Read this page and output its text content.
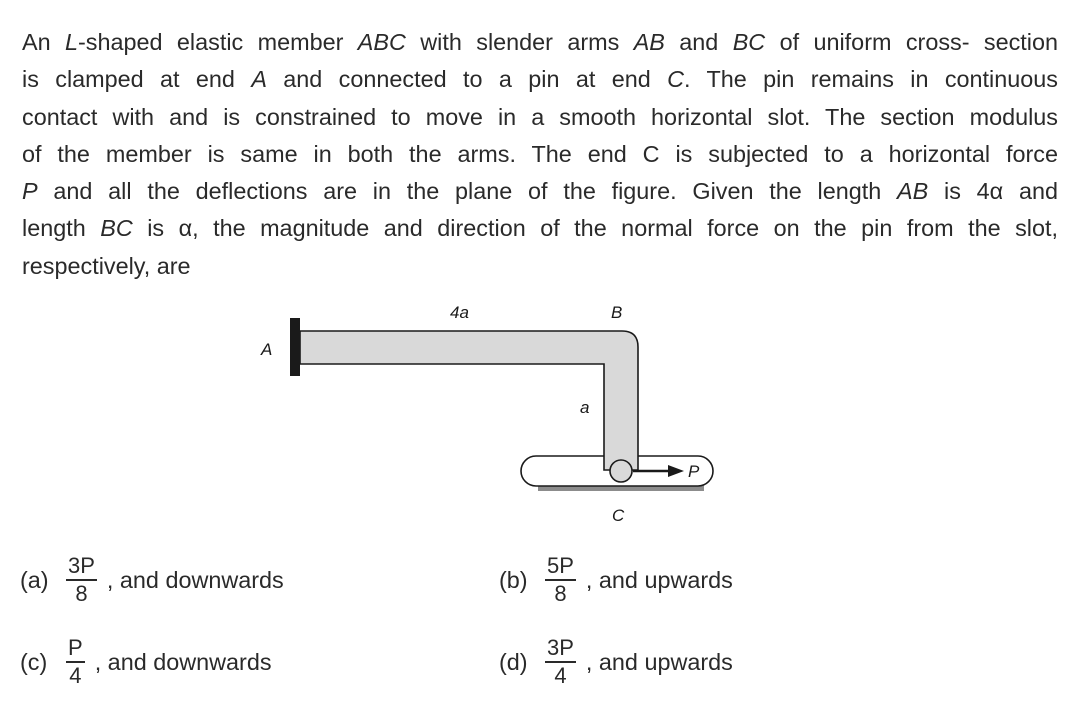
An L-shaped elastic member ABC with slender arms AB and BC of uniform cross- section
is clamped at end A and connected to a pin at end C. The pin remains in continuous
contact with and is constrained to move in a smooth horizontal slot. The section modulus
of the member is same in both the arms. The end C is subjected to a horizontal force
P and all the deflections are in the plane of the figure. Given the length AB is 4α and
length BC is α, the magnitude and direction of the normal force on the pin from the slot,
respectively, are
4a	B
A
a
P
C
$(a) \frac{3P}{8}$ , and downwards	$(b) \frac{5P}{8}$ , and upwards
$(c) \frac{P}{4}$ , and downwards	$(d) \frac{3P}{4}$ , and upwards
